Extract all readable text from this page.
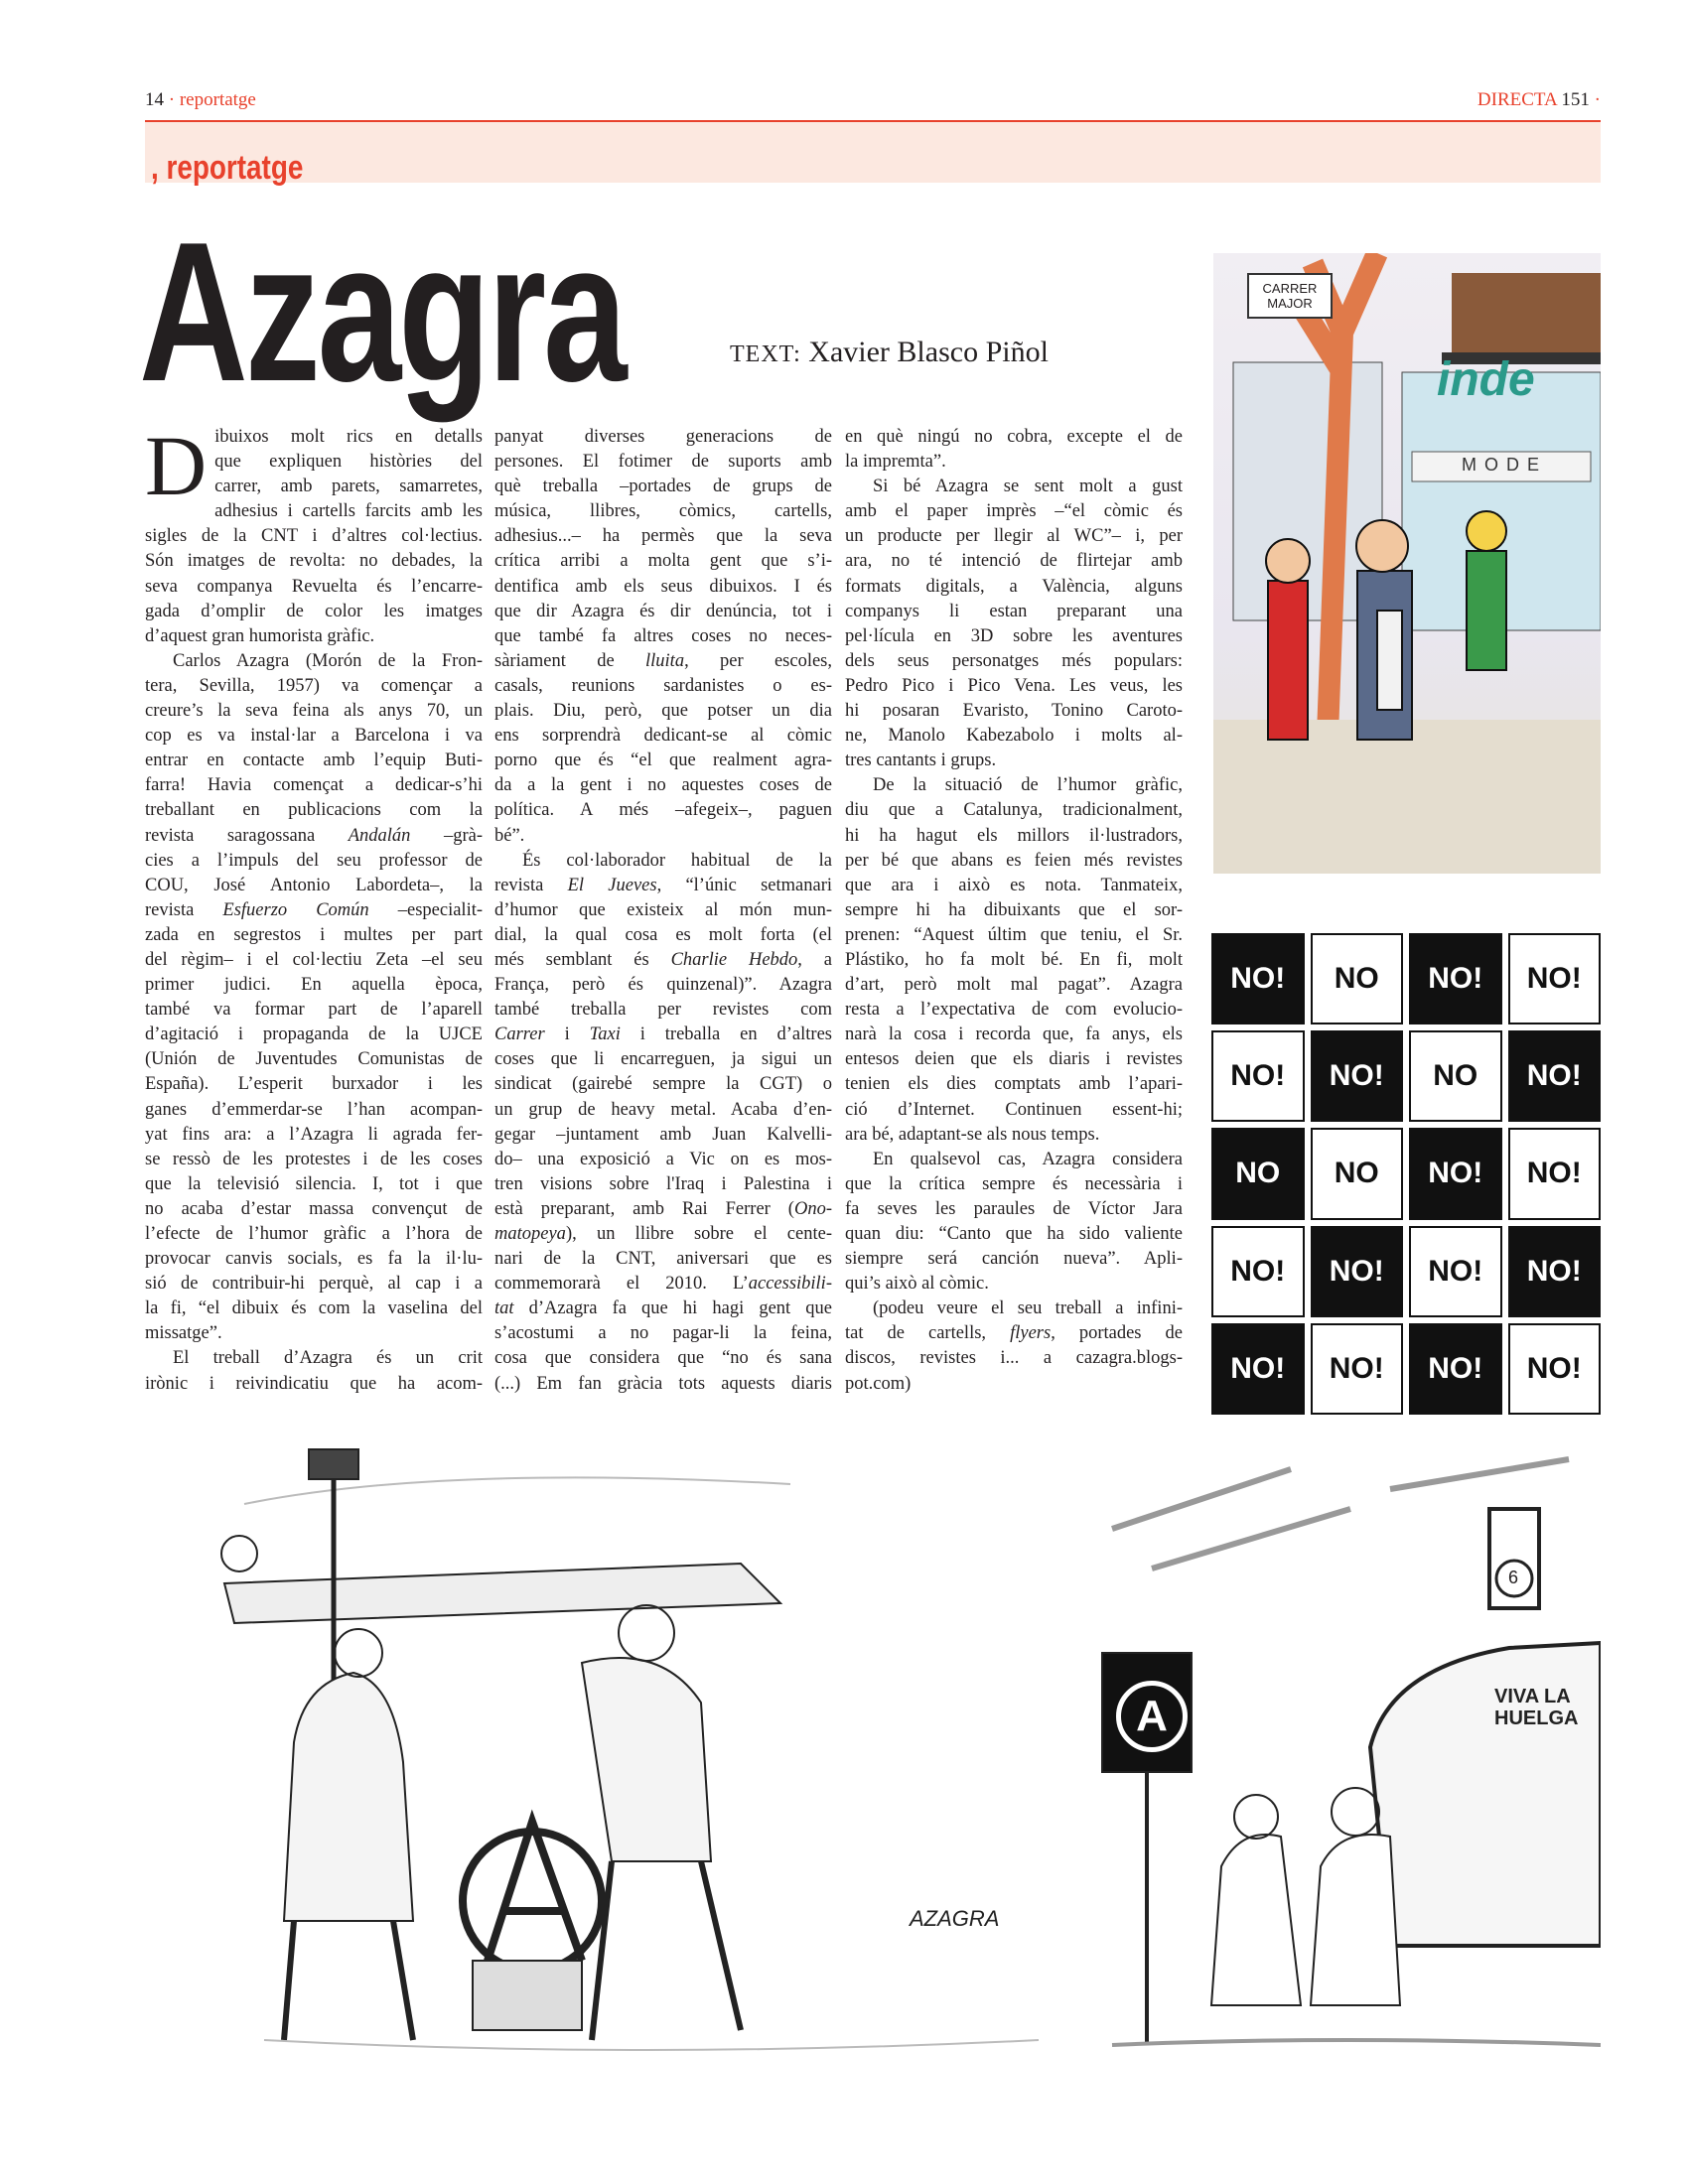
14 · reportatge	DIRECTA 151 ·
, reportatge
Azagra	TEXT: Xavier Blasco Piñol
D ibuixos molt rics en detalls
que expliquen històries del
carrer, amb parets, samarretes,
adhesius i cartells farcits amb les
sigles de la CNT i d’altres col·lectius.
Són imatges de revolta: no debades, la
seva companya Revuelta és l’encarre-
gada d’omplir de color les imatges
d’aquest gran humorista gràfic.
Carlos Azagra (Morón de la Fron-
tera, Sevilla, 1957) va començar a
creure’s la seva feina als anys 70, un
cop es va instal·lar a Barcelona i va
entrar en contacte amb l’equip Buti-
farra! Havia començat a dedicar-s’hi
treballant en publicacions com la
revista saragossana Andalán –grà-
cies a l’impuls del seu professor de
COU, José Antonio Labordeta–, la
revista Esfuerzo Común –especialit-
zada en segrestos i multes per part
del règim– i el col·lectiu Zeta –el seu
primer judici. En aquella època,
també va formar part de l’aparell
d’agitació i propaganda de la UJCE
(Unión de Juventudes Comunistas de
España). L’esperit burxador i les
ganes d’emmerdar-se l’han acompan-
yat fins ara: a l’Azagra li agrada fer-
se ressò de les protestes i de les coses
que la televisió silencia. I, tot i que
no acaba d’estar massa convençut de
l’efecte de l’humor gràfic a l’hora de
provocar canvis socials, es fa la il·lu-
sió de contribuir-hi perquè, al cap i a
la fi, “el dibuix és com la vaselina del
missatge”.
El treball d’Azagra és un crit
irònic i reivindicatiu que ha acom-
panyat diverses generacions de
persones. El fotimer de suports amb
què treballa –portades de grups de
música, llibres, còmics, cartells,
adhesius...– ha permès que la seva
crítica arribi a molta gent que s’i-
dentifica amb els seus dibuixos. I és
que dir Azagra és dir denúncia, tot i
que també fa altres coses no neces-
sàriament de lluita, per escoles,
casals, reunions sardanistes o es-
plais. Diu, però, que potser un dia
ens sorprendrà dedicant-se al còmic
porno que és “el que realment agra-
da a la gent i no aquestes coses de
política. A més –afegeix–, paguen
bé”.
És col·laborador habitual de la
revista El Jueves, “l’únic setmanari
d’humor que existeix al món mun-
dial, la qual cosa es molt forta (el
més semblant és Charlie Hebdo, a
França, però és quinzenal)”. Azagra
també treballa per revistes com
Carrer i Taxi i treballa en d’altres
coses que li encarreguen, ja sigui un
sindicat (gairebé sempre la CGT) o
un grup de heavy metal. Acaba d’en-
gegar –juntament amb Juan Kalvelli-
do– una exposició a Vic on es mos-
tren visions sobre l'Iraq i Palestina i
està preparant, amb Rai Ferrer (Ono-
matopeya), un llibre sobre el cente-
nari de la CNT, aniversari que es
commemorarà el 2010. L’accessibili-
tat d’Azagra fa que hi hagi gent que
s’acostumi a no pagar-li la feina,
cosa que considera que “no és sana
(...) Em fan gràcia tots aquests diaris
en què ningú no cobra, excepte el de
la impremta”.
Si bé Azagra se sent molt a gust
amb el paper imprès –“el còmic és
un producte per llegir al WC”– i, per
ara, no té intenció de flirtejar amb
formats digitals, a València, alguns
companys li estan preparant una
pel·lícula en 3D sobre les aventures
dels seus personatges més populars:
Pedro Pico i Pico Vena. Les veus, les
hi posaran Evaristo, Tonino Caroto-
ne, Manolo Kabezabolo i molts al-
tres cantants i grups.
De la situació de l’humor gràfic,
diu que a Catalunya, tradicionalment,
hi ha hagut els millors il·lustradors,
per bé que abans es feien més revistes
que ara i això es nota. Tanmateix,
sempre hi ha dibuixants que el sor-
prenen: “Aquest últim que teniu, el Sr.
Plástiko, ho fa molt bé. En fi, molt
d’art, però molt mal pagat”. Azagra
resta a l’expectativa de com evolucio-
narà la cosa i recorda que, fa anys, els
entesos deien que els diaris i revistes
tenien els dies comptats amb l’apari-
ció d’Internet. Continuen essent-hi;
ara bé, adaptant-se als nous temps.
En qualsevol cas, Azagra considera
que la crítica sempre és necessària i
fa seves les paraules de Víctor Jara
quan diu: “Canto que ha sido valiente
siempre será canción nueva”. Apli-
qui’s això al còmic.
(podeu veure el seu treball a infini-
tat de cartells, flyers, portades de
discos, revistes i... a cazagra.blogs-
pot.com)
CARRER MAJOR
inde
MODE
NO!	NO	NO!	NO!
NO!	NO!	NO	NO!
NO	NO	NO!	NO!
NO!	NO!	NO!	NO!
NO!	NO!	NO!	NO!
AZAGRA
A	VIVA LA HUELGA
6
